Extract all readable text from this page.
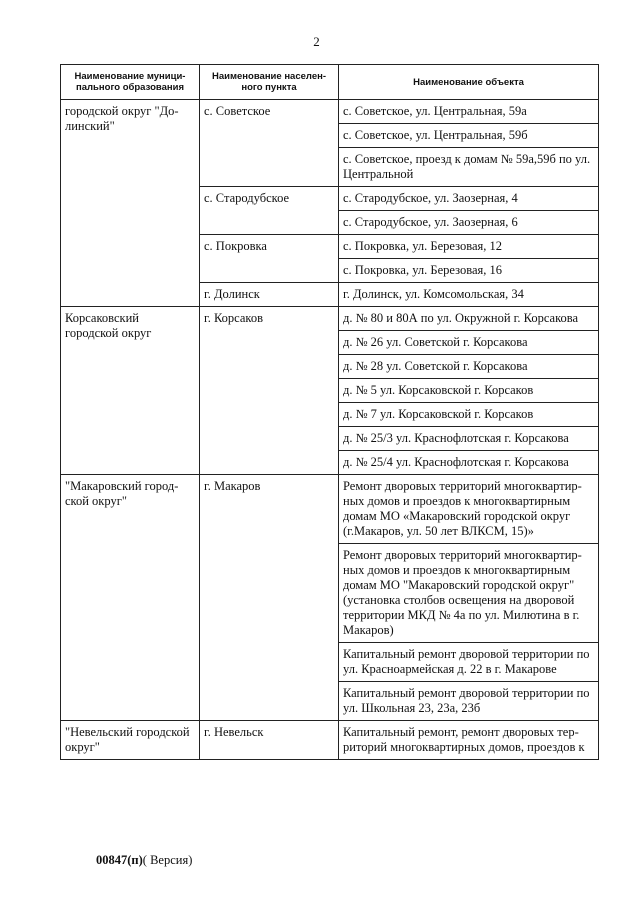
2
Наименование муници-пального образования	Наименование населен-ного пункта	Наименование объекта
городской округ "До-линский"	с. Советское	с. Советское, ул. Центральная, 59а
		с. Советское, ул. Центральная, 59б
		с. Советское, проезд к домам № 59а,59б по ул. Центральной
	с. Стародубское	с. Стародубское, ул. Заозерная, 4
		с. Стародубское, ул. Заозерная, 6
	с. Покровка	с. Покровка, ул. Березовая, 12
		с. Покровка, ул. Березовая, 16
	г. Долинск	г. Долинск, ул. Комсомольская, 34
Корсаковский городской округ	г. Корсаков	д. № 80 и 80А по ул. Окружной г. Корсакова
		д. № 26 ул. Советской г. Корсакова
		д. № 28 ул. Советской г. Корсакова
		д. № 5 ул. Корсаковской г. Корсаков
		д. № 7 ул. Корсаковской г. Корсаков
		д. № 25/3 ул. Краснофлотская г. Корсакова
		д. № 25/4 ул. Краснофлотская г. Корсакова
"Макаровский город-ской округ"	г. Макаров	Ремонт дворовых территорий многоквартир-ных домов и проездов к многоквартирным домам МО «Макаровский городской округ (г.Макаров, ул. 50 лет ВЛКСМ, 15)»
		Ремонт дворовых территорий многоквартир-ных домов и проездов к многоквартирным домам МО "Макаровский городской округ" (установка столбов освещения на дворовой территории МКД № 4а по ул. Милютина в г. Макаров)
		Капитальный ремонт дворовой территории по ул. Красноармейская д. 22 в г. Макарове
		Капитальный ремонт дворовой территории по ул. Школьная 23, 23а, 23б
"Невельский городской округ"	г. Невельск	Капитальный ремонт, ремонт дворовых тер-риторий многоквартирных домов, проездов к
00847(п)( Версия)
